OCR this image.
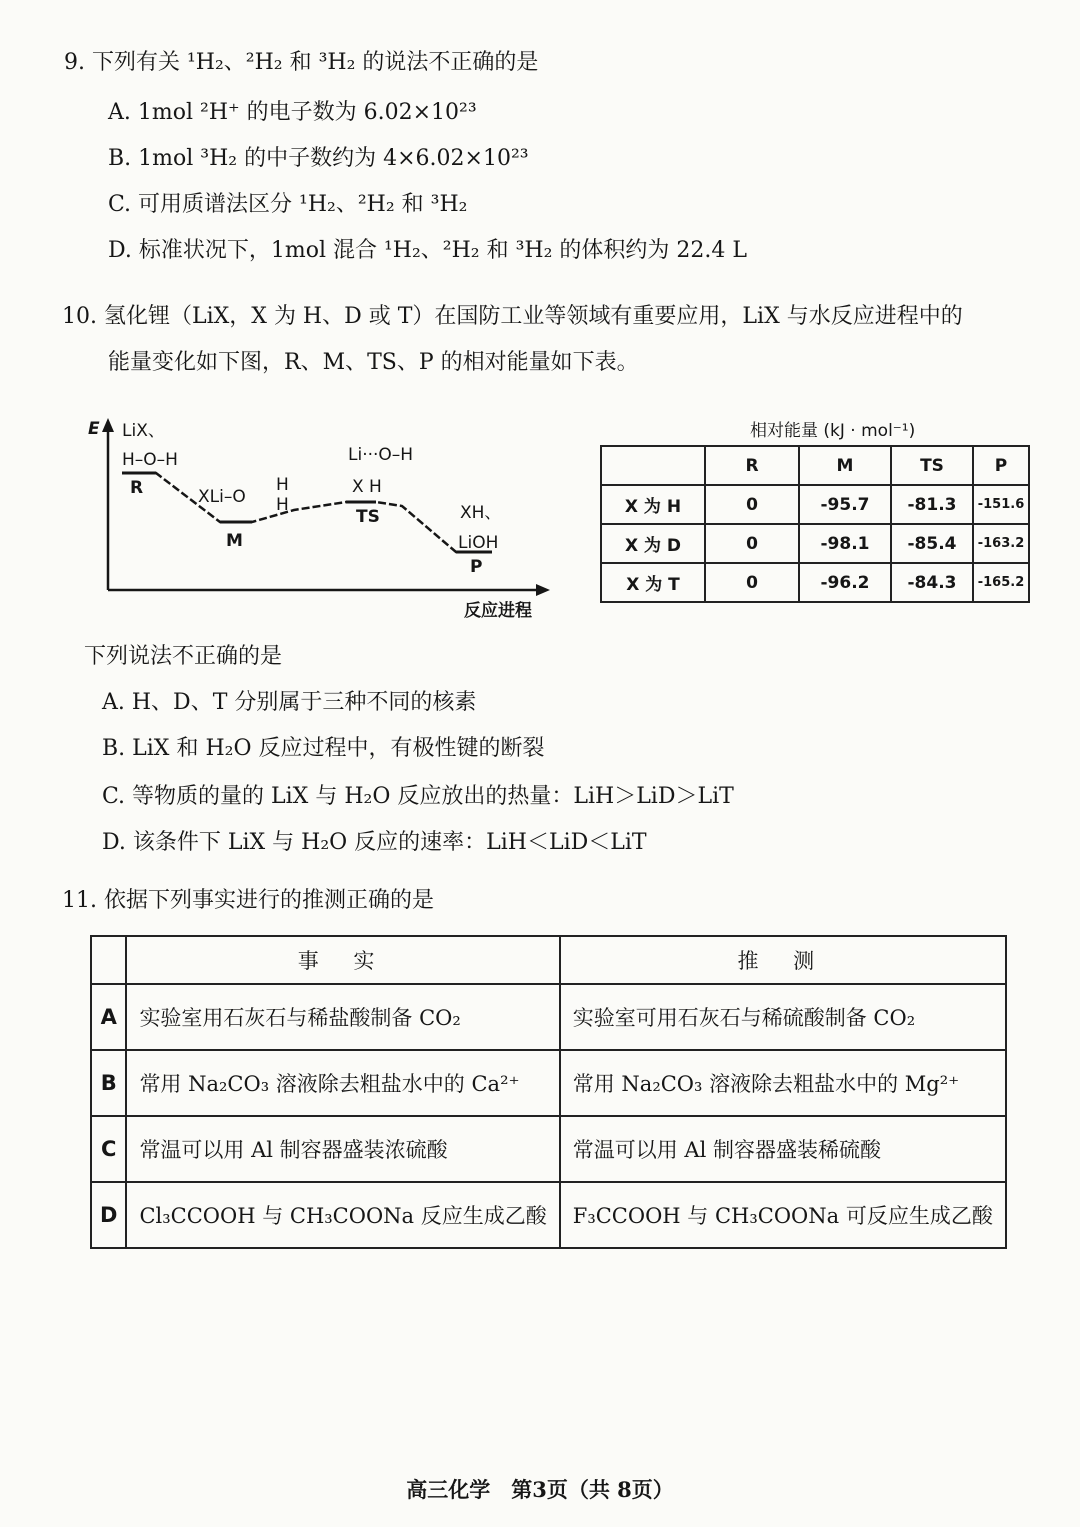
9. 下列有关 ¹H₂、²H₂ 和 ³H₂ 的说法不正确的是
A. 1mol ²H⁺ 的电子数为 6.02×10²³
B. 1mol ³H₂ 的中子数约为 4×6.02×10²³
C. 可用质谱法区分 ¹H₂、²H₂ 和 ³H₂
D. 标准状况下，1mol 混合 ¹H₂、²H₂ 和 ³H₂ 的体积约为 22.4 L
10. 氢化锂（LiX，X 为 H、D 或 T）在国防工业等领域有重要应用，LiX 与水反应进程中的
能量变化如下图，R、M、TS、P 的相对能量如下表。
E
反应进程
LiX、
H–O–H
R	XLi–O
H
H
M
Li···O–H
X H
TS	XH、
LiOH
P
相对能量 (kJ · mol⁻¹)
	R	M	TS	P
X 为 H	0	-95.7	-81.3	-151.6
X 为 D	0	-98.1	-85.4	-163.2
X 为 T	0	-96.2	-84.3	-165.2
下列说法不正确的是
A. H、D、T 分别属于三种不同的核素
B. LiX 和 H₂O 反应过程中，有极性键的断裂
C. 等物质的量的 LiX 与 H₂O 反应放出的热量：LiH＞LiD＞LiT
D. 该条件下 LiX 与 H₂O 反应的速率：LiH＜LiD＜LiT
11. 依据下列事实进行的推测正确的是
	事 实	推 测
A	实验室用石灰石与稀盐酸制备 CO₂	实验室可用石灰石与稀硫酸制备 CO₂
B	常用 Na₂CO₃ 溶液除去粗盐水中的 Ca²⁺	常用 Na₂CO₃ 溶液除去粗盐水中的 Mg²⁺
C	常温可以用 Al 制容器盛装浓硫酸	常温可以用 Al 制容器盛装稀硫酸
D	Cl₃CCOOH 与 CH₃COONa 反应生成乙酸	F₃CCOOH 与 CH₃COONa 可反应生成乙酸
高三化学　第3页（共 8页）
